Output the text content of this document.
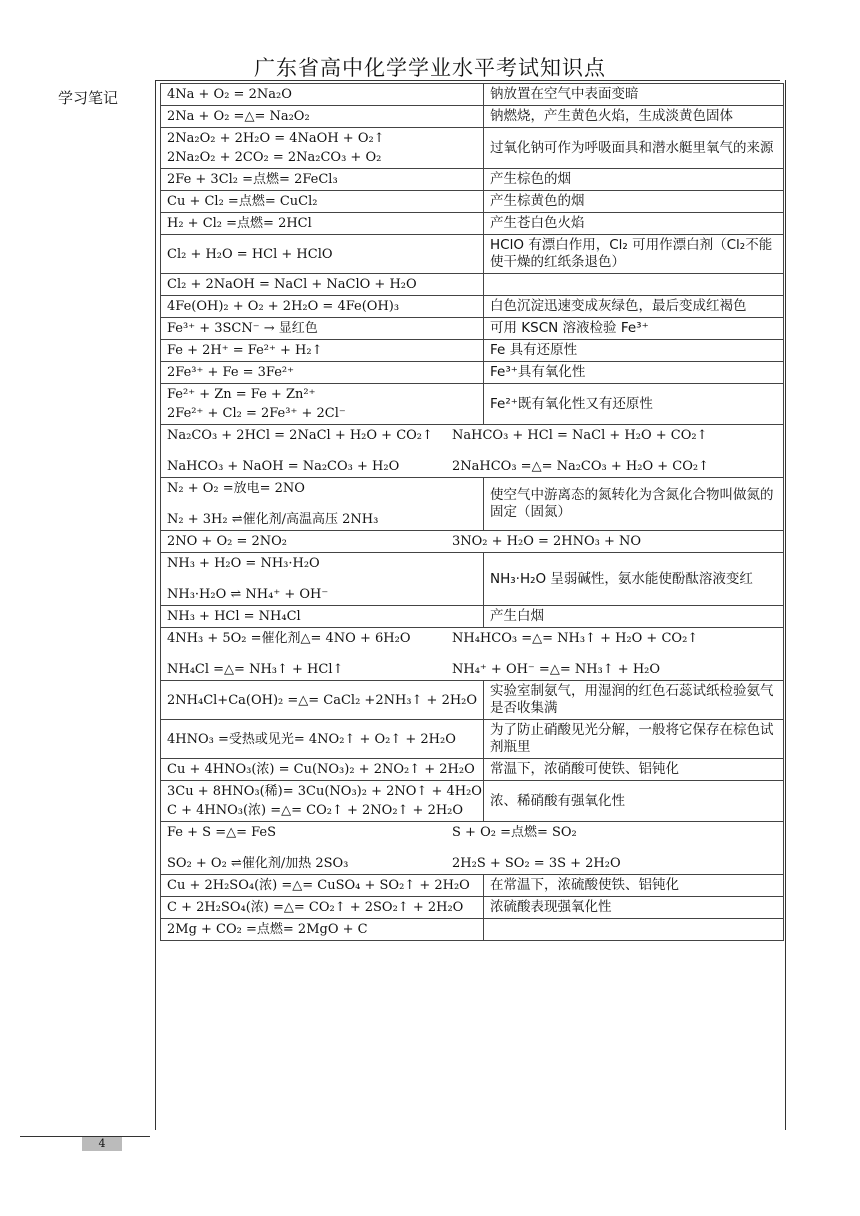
广东省高中化学学业水平考试知识点
学习笔记	4Na + O₂ = 2Na₂O	钠放置在空气中表面变暗

2Na + O₂ =△= Na₂O₂	钠燃烧，产生黄色火焰，生成淡黄色固体

2Na₂O₂ + 2H₂O = 4NaOH + O₂↑
2Na₂O₂ + 2CO₂ = 2Na₂CO₃ + O₂	过氧化钠可作为呼吸面具和潜水艇里氧气的来源

2Fe + 3Cl₂ =点燃= 2FeCl₃	产生棕色的烟

Cu + Cl₂ =点燃= CuCl₂	产生棕黄色的烟

H₂ + Cl₂ =点燃= 2HCl	产生苍白色火焰

Cl₂ + H₂O = HCl + HClO	HClO 有漂白作用，Cl₂ 可用作漂白剂（Cl₂不能使干燥的红纸条退色）

Cl₂ + 2NaOH = NaCl + NaClO + H₂O	

4Fe(OH)₂ + O₂ + 2H₂O = 4Fe(OH)₃	白色沉淀迅速变成灰绿色，最后变成红褐色

Fe³⁺ + 3SCN⁻ → 显红色	可用 KSCN 溶液检验 Fe³⁺

Fe + 2H⁺ = Fe²⁺ + H₂↑	Fe 具有还原性

2Fe³⁺ + Fe = 3Fe²⁺	Fe³⁺具有氧化性

Fe²⁺ + Zn = Fe + Zn²⁺
2Fe²⁺ + Cl₂ = 2Fe³⁺ + 2Cl⁻	Fe²⁺既有氧化性又有还原性

Na₂CO₃ + 2HCl = 2NaCl + H₂O + CO₂↑ NaHCO₃ + HCl = NaCl + H₂O + CO₂↑
NaHCO₃ + NaOH = Na₂CO₃ + H₂O 2NaHCO₃ =△= Na₂CO₃ + H₂O + CO₂↑	

N₂ + O₂ =放电= 2NO
N₂ + 3H₂ ⇌催化剂/高温高压 2NH₃	使空气中游离态的氮转化为含氮化合物叫做氮的固定（固氮）

2NO + O₂ = 2NO₂ 3NO₂ + H₂O = 2HNO₃ + NO	

NH₃ + H₂O = NH₃·H₂O
NH₃·H₂O ⇌ NH₄⁺ + OH⁻	NH₃·H₂O 呈弱碱性，氨水能使酚酞溶液变红

NH₃ + HCl = NH₄Cl	产生白烟

4NH₃ + 5O₂ =催化剂△= 4NO + 6H₂O NH₄HCO₃ =△= NH₃↑ + H₂O + CO₂↑
NH₄Cl =△= NH₃↑ + HCl↑ NH₄⁺ + OH⁻ =△= NH₃↑ + H₂O	

2NH₄Cl+Ca(OH)₂ =△= CaCl₂ +2NH₃↑ + 2H₂O	实验室制氨气，用湿润的红色石蕊试纸检验氨气是否收集满

4HNO₃ =受热或见光= 4NO₂↑ + O₂↑ + 2H₂O	为了防止硝酸见光分解，一般将它保存在棕色试剂瓶里

Cu + 4HNO₃(浓) = Cu(NO₃)₂ + 2NO₂↑ + 2H₂O	常温下，浓硝酸可使铁、铝钝化

3Cu + 8HNO₃(稀)= 3Cu(NO₃)₂ + 2NO↑ + 4H₂O
C + 4HNO₃(浓) =△= CO₂↑ + 2NO₂↑ + 2H₂O	浓、稀硝酸有强氧化性

Fe + S =△= FeS S + O₂ =点燃= SO₂
SO₂ + O₂ ⇌催化剂/加热 2SO₃ 2H₂S + SO₂ = 3S + 2H₂O	

Cu + 2H₂SO₄(浓) =△= CuSO₄ + SO₂↑ + 2H₂O	在常温下，浓硫酸使铁、铝钝化

C + 2H₂SO₄(浓) =△= CO₂↑ + 2SO₂↑ + 2H₂O	浓硫酸表现强氧化性

2Mg + CO₂ =点燃= 2MgO + C	

4
